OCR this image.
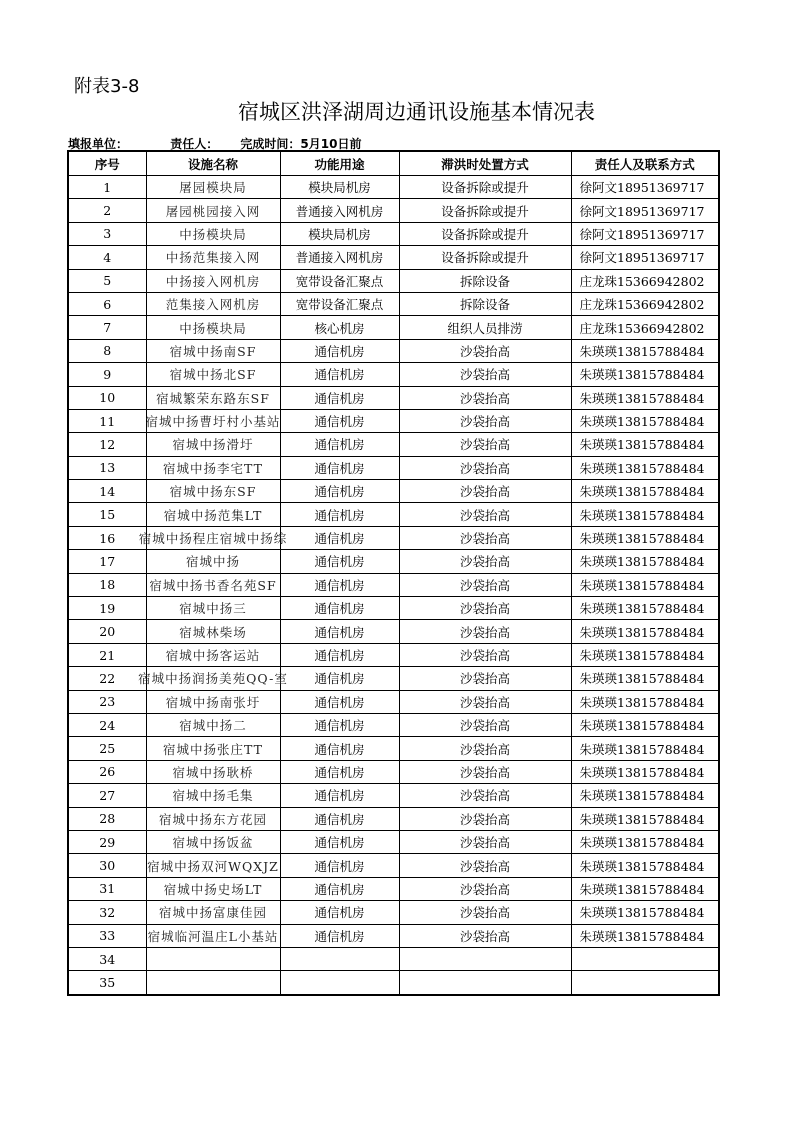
附表3-8
宿城区洪泽湖周边通讯设施基本情况表
填报单位：	责任人： 完成时间：5月10日前
序号	设施名称	功能用途	滞洪时处置方式	责任人及联系方式
1	屠园模块局	模块局机房	设备拆除或提升	徐阿文18951369717
2	屠园桃园接入网	普通接入网机房	设备拆除或提升	徐阿文18951369717
3	中扬模块局	模块局机房	设备拆除或提升	徐阿文18951369717
4	中扬范集接入网	普通接入网机房	设备拆除或提升	徐阿文18951369717
5	中扬接入网机房	宽带设备汇聚点	拆除设备	庄龙珠15366942802
6	范集接入网机房	宽带设备汇聚点	拆除设备	庄龙珠15366942802
7	中扬模块局	核心机房	组织人员排涝	庄龙珠15366942802
8	宿城中扬南SF	通信机房	沙袋抬高	朱瑛瑛13815788484
9	宿城中扬北SF	通信机房	沙袋抬高	朱瑛瑛13815788484
10	宿城繁荣东路东SF	通信机房	沙袋抬高	朱瑛瑛13815788484
11	宿城中扬曹圩村小基站	通信机房	沙袋抬高	朱瑛瑛13815788484
12	宿城中扬滑圩	通信机房	沙袋抬高	朱瑛瑛13815788484
13	宿城中扬李宅TT	通信机房	沙袋抬高	朱瑛瑛13815788484
14	宿城中扬东SF	通信机房	沙袋抬高	朱瑛瑛13815788484
15	宿城中扬范集LT	通信机房	沙袋抬高	朱瑛瑛13815788484
16	宿城中扬程庄宿城中扬综	通信机房	沙袋抬高	朱瑛瑛13815788484
17	宿城中扬	通信机房	沙袋抬高	朱瑛瑛13815788484
18	宿城中扬书香名苑SF	通信机房	沙袋抬高	朱瑛瑛13815788484
19	宿城中扬三	通信机房	沙袋抬高	朱瑛瑛13815788484
20	宿城林柴场	通信机房	沙袋抬高	朱瑛瑛13815788484
21	宿城中扬客运站	通信机房	沙袋抬高	朱瑛瑛13815788484
22	宿城中扬润扬美苑QQ-室	通信机房	沙袋抬高	朱瑛瑛13815788484
23	宿城中扬南张圩	通信机房	沙袋抬高	朱瑛瑛13815788484
24	宿城中扬二	通信机房	沙袋抬高	朱瑛瑛13815788484
25	宿城中扬张庄TT	通信机房	沙袋抬高	朱瑛瑛13815788484
26	宿城中扬耿桥	通信机房	沙袋抬高	朱瑛瑛13815788484
27	宿城中扬毛集	通信机房	沙袋抬高	朱瑛瑛13815788484
28	宿城中扬东方花园	通信机房	沙袋抬高	朱瑛瑛13815788484
29	宿城中扬饭盆	通信机房	沙袋抬高	朱瑛瑛13815788484
30	宿城中扬双河WQXJZ	通信机房	沙袋抬高	朱瑛瑛13815788484
31	宿城中扬史场LT	通信机房	沙袋抬高	朱瑛瑛13815788484
32	宿城中扬富康佳园	通信机房	沙袋抬高	朱瑛瑛13815788484
33	宿城临河温庄L小基站	通信机房	沙袋抬高	朱瑛瑛13815788484
34	

35	
